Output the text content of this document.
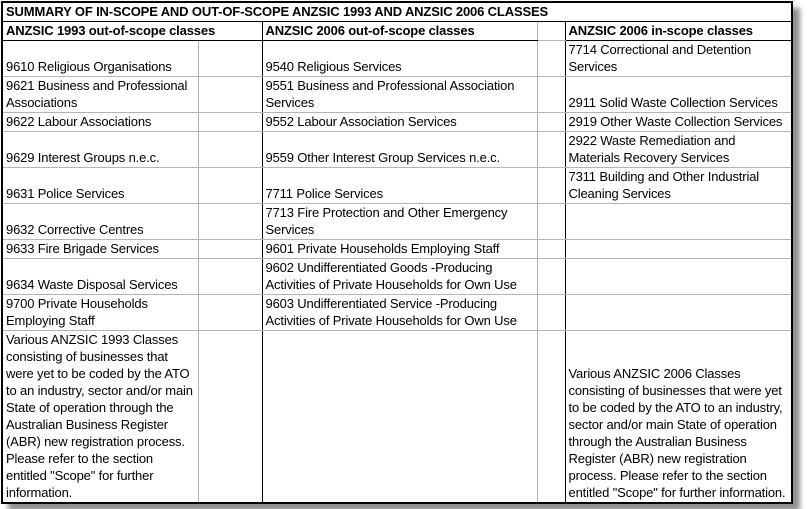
SUMMARY OF IN-SCOPE AND OUT-OF-SCOPE ANZSIC 1993 AND ANZSIC 2006 CLASSES				
ANZSIC 1993 out-of-scope classes		ANZSIC 2006 out-of-scope classes		ANZSIC 2006 in-scope classes
9610 Religious Organisations		9540 Religious Services		7714 Correctional and Detention Services
9621 Business and Professional Associations		9551 Business and Professional Association Services		2911 Solid Waste Collection Services
9622 Labour Associations		9552 Labour Association Services		2919 Other Waste Collection Services
9629 Interest Groups n.e.c.		9559 Other Interest Group Services n.e.c.		2922 Waste Remediation and Materials Recovery Services
9631 Police Services		7711 Police Services		7311 Building and Other Industrial Cleaning Services
9632 Corrective Centres		7713 Fire Protection and Other Emergency Services		
9633 Fire Brigade Services		9601 Private Households Employing Staff		
9634 Waste Disposal Services		9602 Undifferentiated Goods -Producing Activities of Private Households for Own Use		
9700 Private Households Employing Staff		9603 Undifferentiated Service -Producing Activities of Private Households for Own Use		
Various ANZSIC 1993 Classes consisting of businesses that were yet to be coded by the ATO to an industry, sector and/or main State of operation through the Australian Business Register (ABR) new registration process. Please refer to the section entitled "Scope" for further information.				Various ANZSIC 2006 Classes consisting of businesses that were yet to be coded by the ATO to an industry, sector and/or main State of operation through the Australian Business Register (ABR) new registration process. Please refer to the section entitled "Scope" for further information.
